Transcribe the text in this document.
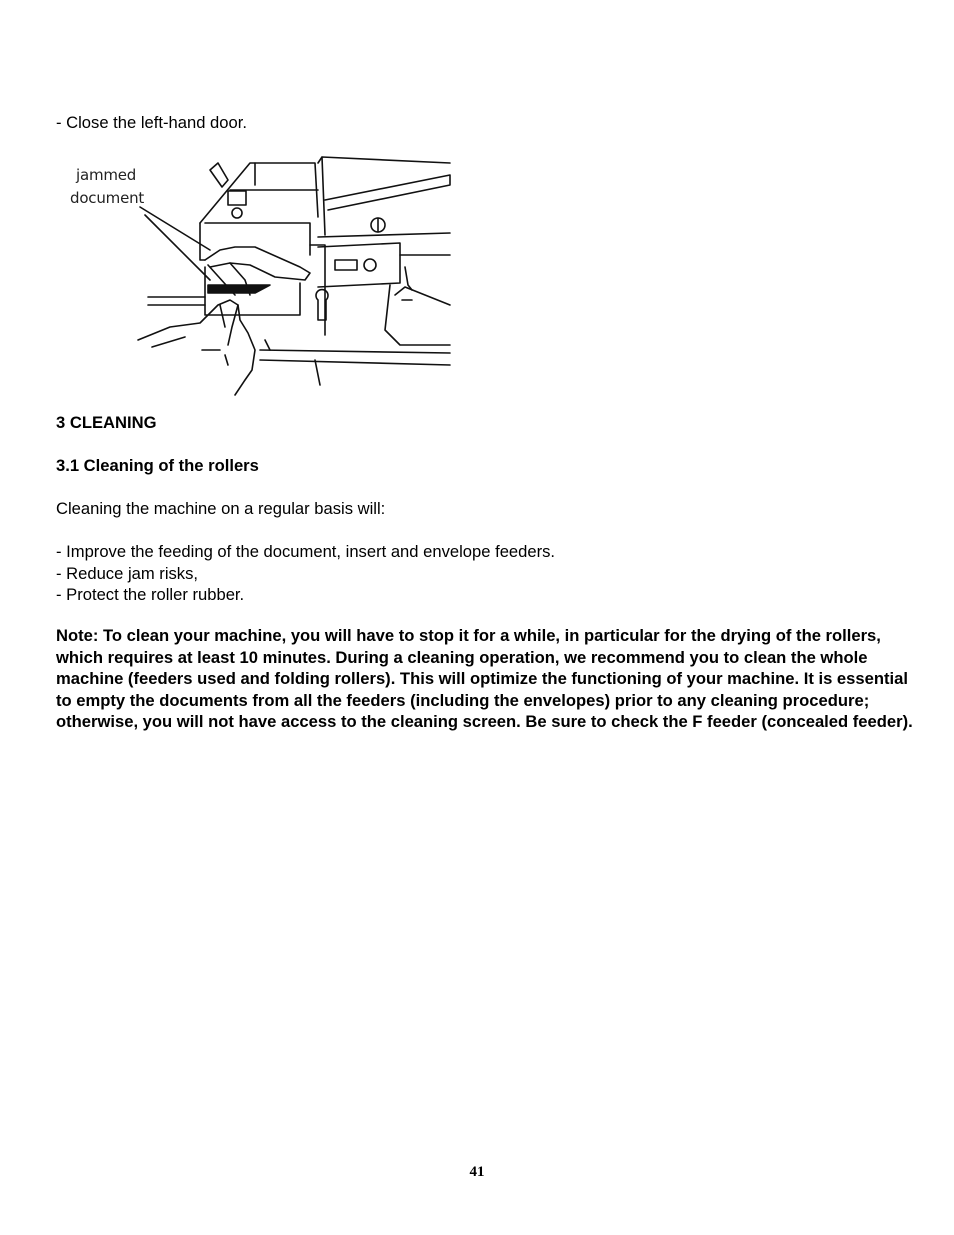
- Close the left-hand door.
jammed
document
3 CLEANING
3.1 Cleaning of the rollers
Cleaning the machine on a regular basis will:
- Improve the feeding of the document, insert and envelope feeders.
- Reduce jam risks,
- Protect the roller rubber.
Note: To clean your machine, you will have to stop it for a while, in particular for the drying of the rollers, which requires at least 10 minutes. During a cleaning operation, we recommend you to clean the whole machine (feeders used and folding rollers). This will optimize the functioning of your machine. It is essential to empty the documents from all the feeders (including the envelopes) prior to any cleaning procedure; otherwise, you will not have access to the cleaning screen. Be sure to check the F feeder (concealed feeder).
41
